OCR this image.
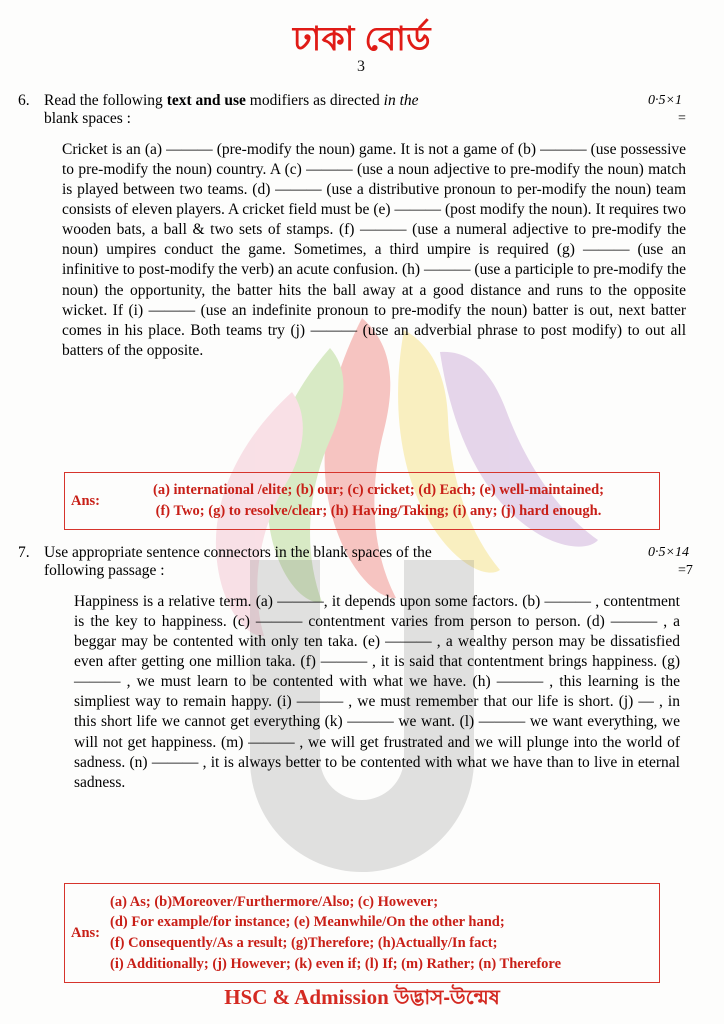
ঢাকা বোর্ড
3
6. Read the following text and use modifiers as directed in the
blank spaces :
0·5×1
=
Cricket is an (a) ——— (pre-modify the noun) game. It is not a game of (b) ——— (use possessive to pre-modify the noun) country. A (c) ——— (use a noun adjective to pre-modify the noun) match is played between two teams. (d) ——— (use a distributive pronoun to per-modify the noun) team consists of eleven players. A cricket field must be (e) ——— (post modify the noun). It requires two wooden bats, a ball & two sets of stamps. (f) ——— (use a numeral adjective to pre-modify the noun) umpires conduct the game. Sometimes, a third umpire is required (g) ——— (use an infinitive to post-modify the verb) an acute confusion. (h) ——— (use a participle to pre-modify the noun) the opportunity, the batter hits the ball away at a good distance and runs to the opposite wicket. If (i) ——— (use an indefinite pronoun to pre-modify the noun) batter is out, next batter comes in his place. Both teams try (j) ——— (use an adverbial phrase to post modify) to out all batters of the opposite.
Ans:
(a) international /elite; (b) our; (c) cricket; (d) Each; (e) well-maintained;
(f) Two; (g) to resolve/clear; (h) Having/Taking; (i) any; (j) hard enough.
7. Use appropriate sentence connectors in the blank spaces of the
following passage :
0·5×14
=7
Happiness is a relative term. (a) ———, it depends upon some factors. (b) ——— , contentment is the key to happiness. (c) ——— contentment varies from person to person. (d) ——— , a beggar may be contented with only ten taka. (e) ——— , a wealthy person may be dissatisfied even after getting one million taka. (f) ——— , it is said that contentment brings happiness. (g) ——— , we must learn to be contented with what we have. (h) ——— , this learning is the simpliest way to remain happy. (i) ——— , we must remember that our life is short. (j) — , in this short life we cannot get everything (k) ——— we want. (l) ——— we want everything, we will not get happiness. (m) ——— , we will get frustrated and we will plunge into the world of sadness. (n) ——— , it is always better to be contented with what we have than to live in eternal sadness.
Ans:
(a) As; (b)Moreover/Furthermore/Also; (c) However;
(d) For example/for instance; (e) Meanwhile/On the other hand;
(f) Consequently/As a result; (g)Therefore; (h)Actually/In fact;
(i) Additionally; (j) However; (k) even if; (l) If; (m) Rather; (n) Therefore
HSC & Admission উদ্ভাস-উন্মেষ
